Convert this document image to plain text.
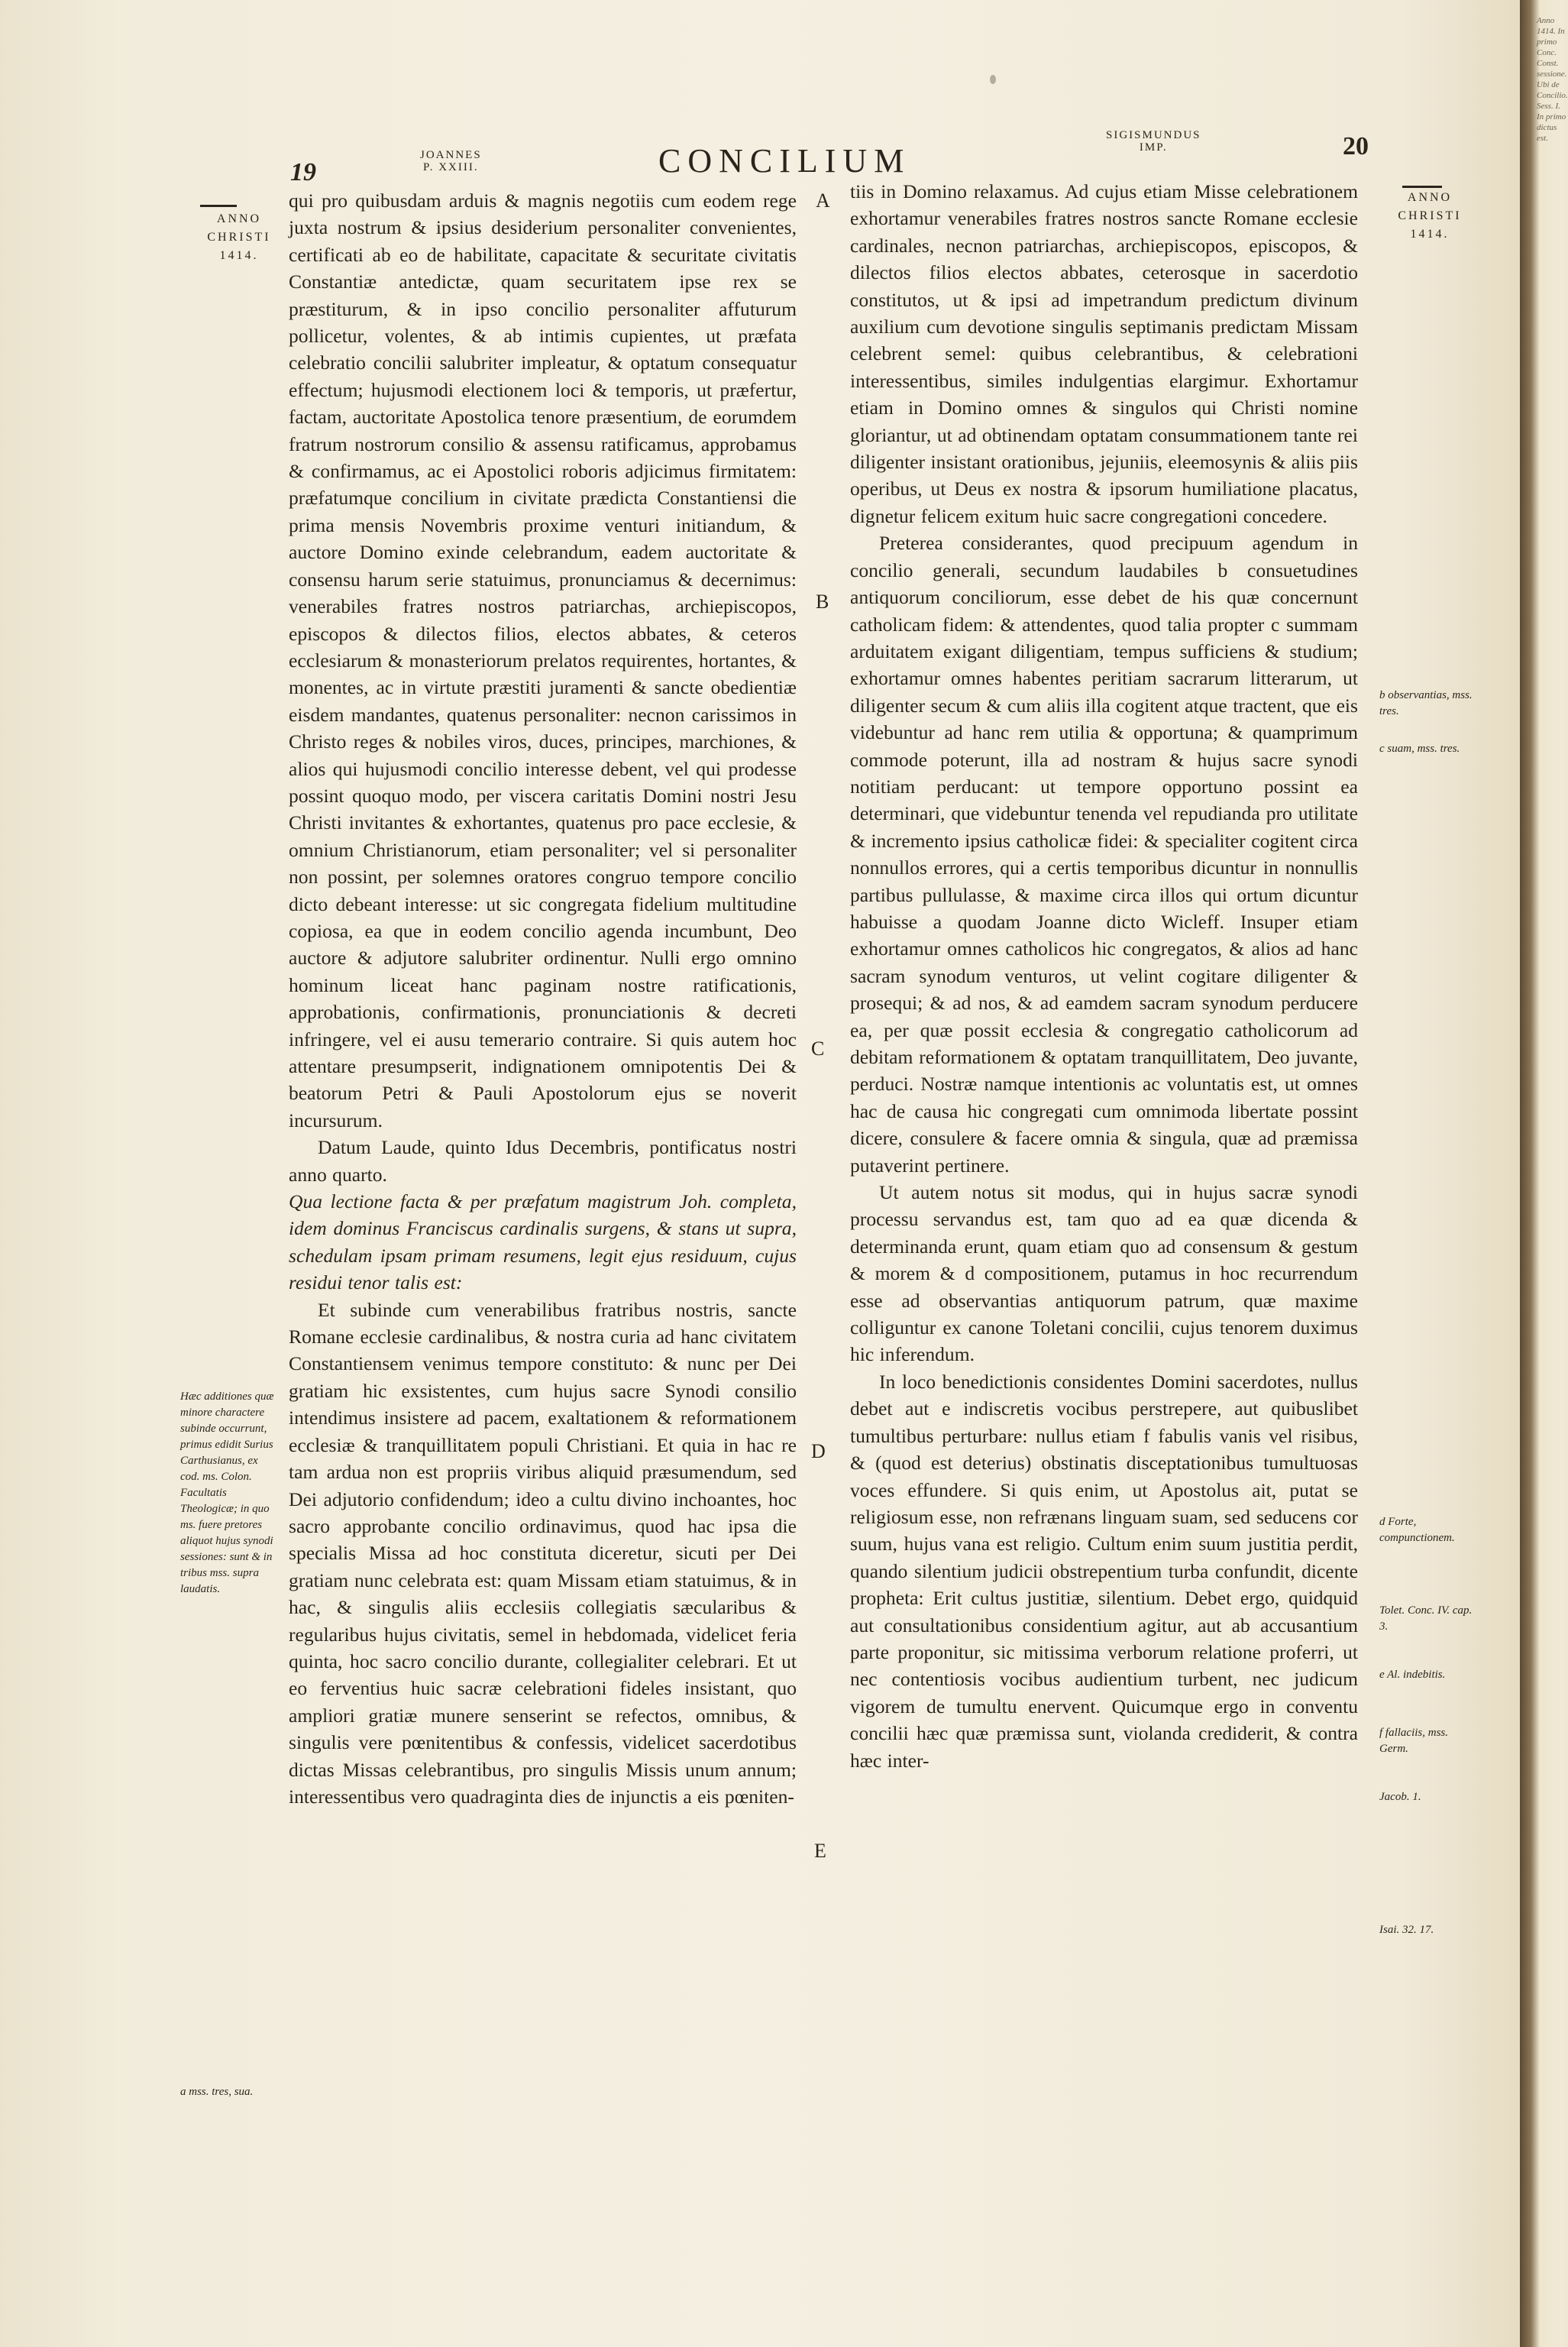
19
JOANNES
P. XXIII.	CONCILIUM
SIGISMUNDUS
IMP.	20
ANNO
CHRISTI
1414.
ANNO
CHRISTI
1414.
A
B
C
D
E

qui pro quibusdam arduis & magnis negotiis cum eodem rege juxta nostrum & ipsius desiderium personaliter convenientes, certificati ab eo de habilitate, capacitate & securitate civitatis Constantiæ antedictæ, quam securitatem ipse rex se præstiturum, & in ipso concilio personaliter affuturum pollicetur, volentes, & ab intimis cupientes, ut præfata celebratio concilii salubriter impleatur, & optatum consequatur effectum; hujusmodi electionem loci & temporis, ut præfertur, factam, auctoritate Apostolica tenore præsentium, de eorumdem fratrum nostrorum consilio & assensu ratificamus, approbamus & confirmamus, ac ei Apostolici roboris adjicimus firmitatem: præfatumque concilium in civitate prædicta Constantiensi die prima mensis Novembris proxime venturi initiandum, & auctore Domino exinde celebrandum, eadem auctoritate & consensu harum serie statuimus, pronunciamus & decernimus: venerabiles fratres nostros patriarchas, archiepiscopos, episcopos & dilectos filios, electos abbates, & ceteros ecclesiarum & monasteriorum prelatos requirentes, hortantes, & monentes, ac in virtute præstiti juramenti & sancte obedientiæ eisdem mandantes, quatenus personaliter: necnon carissimos in Christo reges & nobiles viros, duces, principes, marchiones, & alios qui hujusmodi concilio interesse debent, vel qui prodesse possint quoquo modo, per viscera caritatis Domini nostri Jesu Christi invitantes & exhortantes, quatenus pro pace ecclesie, & omnium Christianorum, etiam personaliter; vel si personaliter non possint, per solemnes oratores congruo tempore concilio dicto debeant interesse: ut sic congregata fidelium multitudine copiosa, ea que in eodem concilio agenda incumbunt, Deo auctore & adjutore salubriter ordinentur. Nulli ergo omnino hominum liceat hanc paginam nostre ratificationis, approbationis, confirmationis, pronunciationis & decreti infringere, vel ei ausu temerario contraire. Si quis autem hoc attentare presumpserit, indignationem omnipotentis Dei & beatorum Petri & Pauli Apostolorum ejus se noverit incursurum.

Datum Laude, quinto Idus Decembris, pontificatus nostri anno quarto.

Qua lectione facta & per præfatum magistrum Joh. completa, idem dominus Franciscus cardinalis surgens, & stans ut supra, schedulam ipsam primam resumens, legit ejus residuum, cujus residui tenor talis est:

Et subinde cum venerabilibus fratribus nostris, sancte Romane ecclesie cardinalibus, & nostra curia ad hanc civitatem Constantiensem venimus tempore constituto: & nunc per Dei gratiam hic exsistentes, cum hujus sacre Synodi consilio intendimus insistere ad pacem, exaltationem & reformationem ecclesiæ & tranquillitatem populi Christiani. Et quia in hac re tam ardua non est propriis viribus aliquid præsumendum, sed Dei adjutorio confidendum; ideo a cultu divino inchoantes, hoc sacro approbante concilio ordinavimus, quod hac ipsa die specialis Missa ad hoc constituta diceretur, sicuti per Dei gratiam nunc celebrata est: quam Missam etiam statuimus, & in hac, & singulis aliis ecclesiis collegiatis sæcularibus & regularibus hujus civitatis, semel in hebdomada, videlicet feria quinta, hoc sacro concilio durante, collegialiter celebrari. Et ut eo ferventius huic sacræ celebrationi fideles insistant, quo ampliori gratiæ munere senserint se refectos, omnibus, & singulis vere pœnitentibus & confessis, videlicet sacerdotibus dictas Missas celebrantibus, pro singulis Missis unum annum; interessentibus vero quadraginta dies de injunctis a eis pœniten-

tiis in Domino relaxamus. Ad cujus etiam Misse celebrationem exhortamur venerabiles fratres nostros sancte Romane ecclesie cardinales, necnon patriarchas, archiepiscopos, episcopos, & dilectos filios electos abbates, ceterosque in sacerdotio constitutos, ut & ipsi ad impetrandum predictum divinum auxilium cum devotione singulis septimanis predictam Missam celebrent semel: quibus celebrantibus, & celebrationi interessentibus, similes indulgentias elargimur. Exhortamur etiam in Domino omnes & singulos qui Christi nomine gloriantur, ut ad obtinendam optatam consummationem tante rei diligenter insistant orationibus, jejuniis, eleemosynis & aliis piis operibus, ut Deus ex nostra & ipsorum humiliatione placatus, dignetur felicem exitum huic sacre congregationi concedere.

Preterea considerantes, quod precipuum agendum in concilio generali, secundum laudabiles b consuetudines antiquorum conciliorum, esse debet de his quæ concernunt catholicam fidem: & attendentes, quod talia propter c summam arduitatem exigant diligentiam, tempus sufficiens & studium; exhortamur omnes habentes peritiam sacrarum litterarum, ut diligenter secum & cum aliis illa cogitent atque tractent, que eis videbuntur ad hanc rem utilia & opportuna; & quamprimum commode poterunt, illa ad nostram & hujus sacre synodi notitiam perducant: ut tempore opportuno possint ea determinari, que videbuntur tenenda vel repudianda pro utilitate & incremento ipsius catholicæ fidei: & specialiter cogitent circa nonnullos errores, qui a certis temporibus dicuntur in nonnullis partibus pullulasse, & maxime circa illos qui ortum dicuntur habuisse a quodam Joanne dicto Wicleff. Insuper etiam exhortamur omnes catholicos hic congregatos, & alios ad hanc sacram synodum venturos, ut velint cogitare diligenter & prosequi; & ad nos, & ad eamdem sacram synodum perducere ea, per quæ possit ecclesia & congregatio catholicorum ad debitam reformationem & optatam tranquillitatem, Deo juvante, perduci. Nostræ namque intentionis ac voluntatis est, ut omnes hac de causa hic congregati cum omnimoda libertate possint dicere, consulere & facere omnia & singula, quæ ad præmissa putaverint pertinere.

Ut autem notus sit modus, qui in hujus sacræ synodi processu servandus est, tam quo ad ea quæ dicenda & determinanda erunt, quam etiam quo ad consensum & gestum & morem & d compositionem, putamus in hoc recurrendum esse ad observantias antiquorum patrum, quæ maxime colliguntur ex canone Toletani concilii, cujus tenorem duximus hic inferendum.

In loco benedictionis considentes Domini sacerdotes, nullus debet aut e indiscretis vocibus perstrepere, aut quibuslibet tumultibus perturbare: nullus etiam f fabulis vanis vel risibus, & (quod est deterius) obstinatis disceptationibus tumultuosas voces effundere. Si quis enim, ut Apostolus ait, putat se religiosum esse, non refrænans linguam suam, sed seducens cor suum, hujus vana est religio. Cultum enim suum justitia perdit, quando silentium judicii obstrepentium turba confundit, dicente propheta: Erit cultus justitiæ, silentium. Debet ergo, quidquid aut consultationibus considentium agitur, aut ab accusantium parte proponitur, sic mitissima verborum relatione proferri, ut nec contentiosis vocibus audientium turbent, nec judicum vigorem de tumultu enervent. Quicumque ergo in conventu concilii hæc quæ præmissa sunt, violanda crediderit, & contra hæc inter-

Hæc additiones quæ minore charactere subinde occurrunt, primus edidit Surius Carthusianus, ex cod. ms. Colon. Facultatis Theologicæ; in quo ms. fuere pretores aliquot hujus synodi sessiones: sunt & in tribus mss. supra laudatis.
a mss. tres, sua.
b observantias, mss. tres.
c suam, mss. tres.
d Forte, compunctionem.
Tolet. Conc. IV. cap. 3.
e Al. indebitis.
f fallaciis, mss. Germ.
Jacob. 1.
Isai. 32. 17.
Anno 1414. In primo Conc. Const. sessione. Ubi de Concilio. Sess. I. In primo dictus est.
